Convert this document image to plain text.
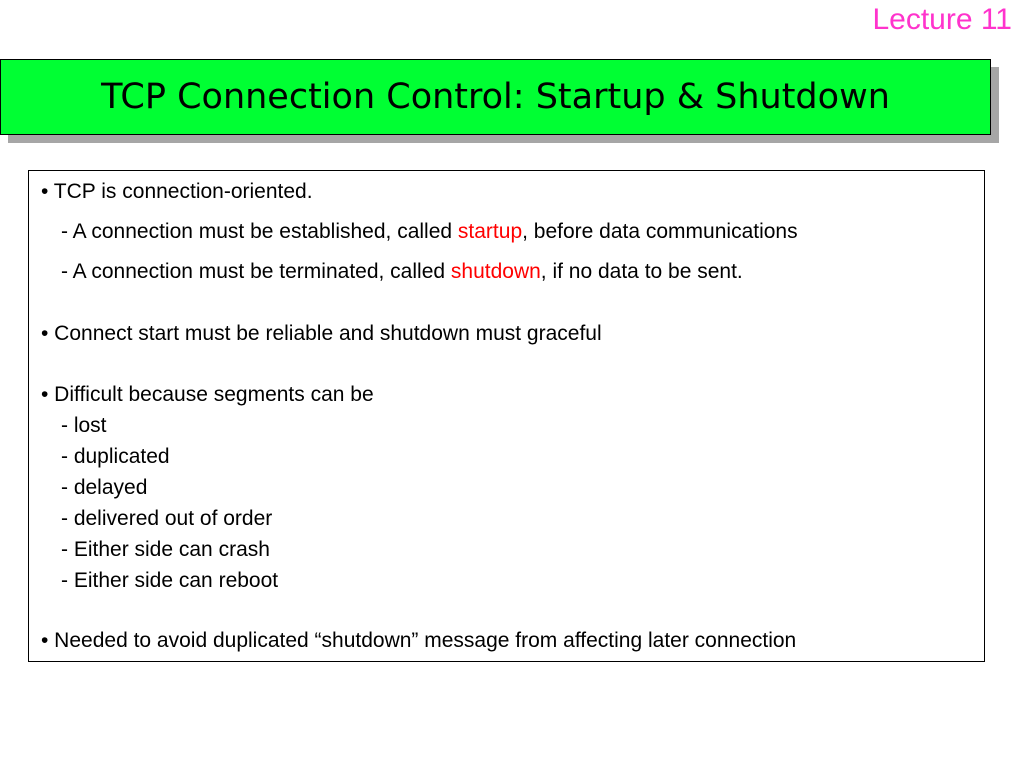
Lecture 11
TCP Connection Control: Startup & Shutdown
• TCP is connection-oriented.
- A connection must be established, called startup, before data communications
- A connection must be terminated, called shutdown, if no data to be sent.
• Connect start must be reliable and shutdown must graceful
• Difficult because segments can be
- lost
- duplicated
- delayed
- delivered out of order
- Either side can crash
- Either side can reboot
• Needed to avoid duplicated “shutdown” message from affecting later connection
